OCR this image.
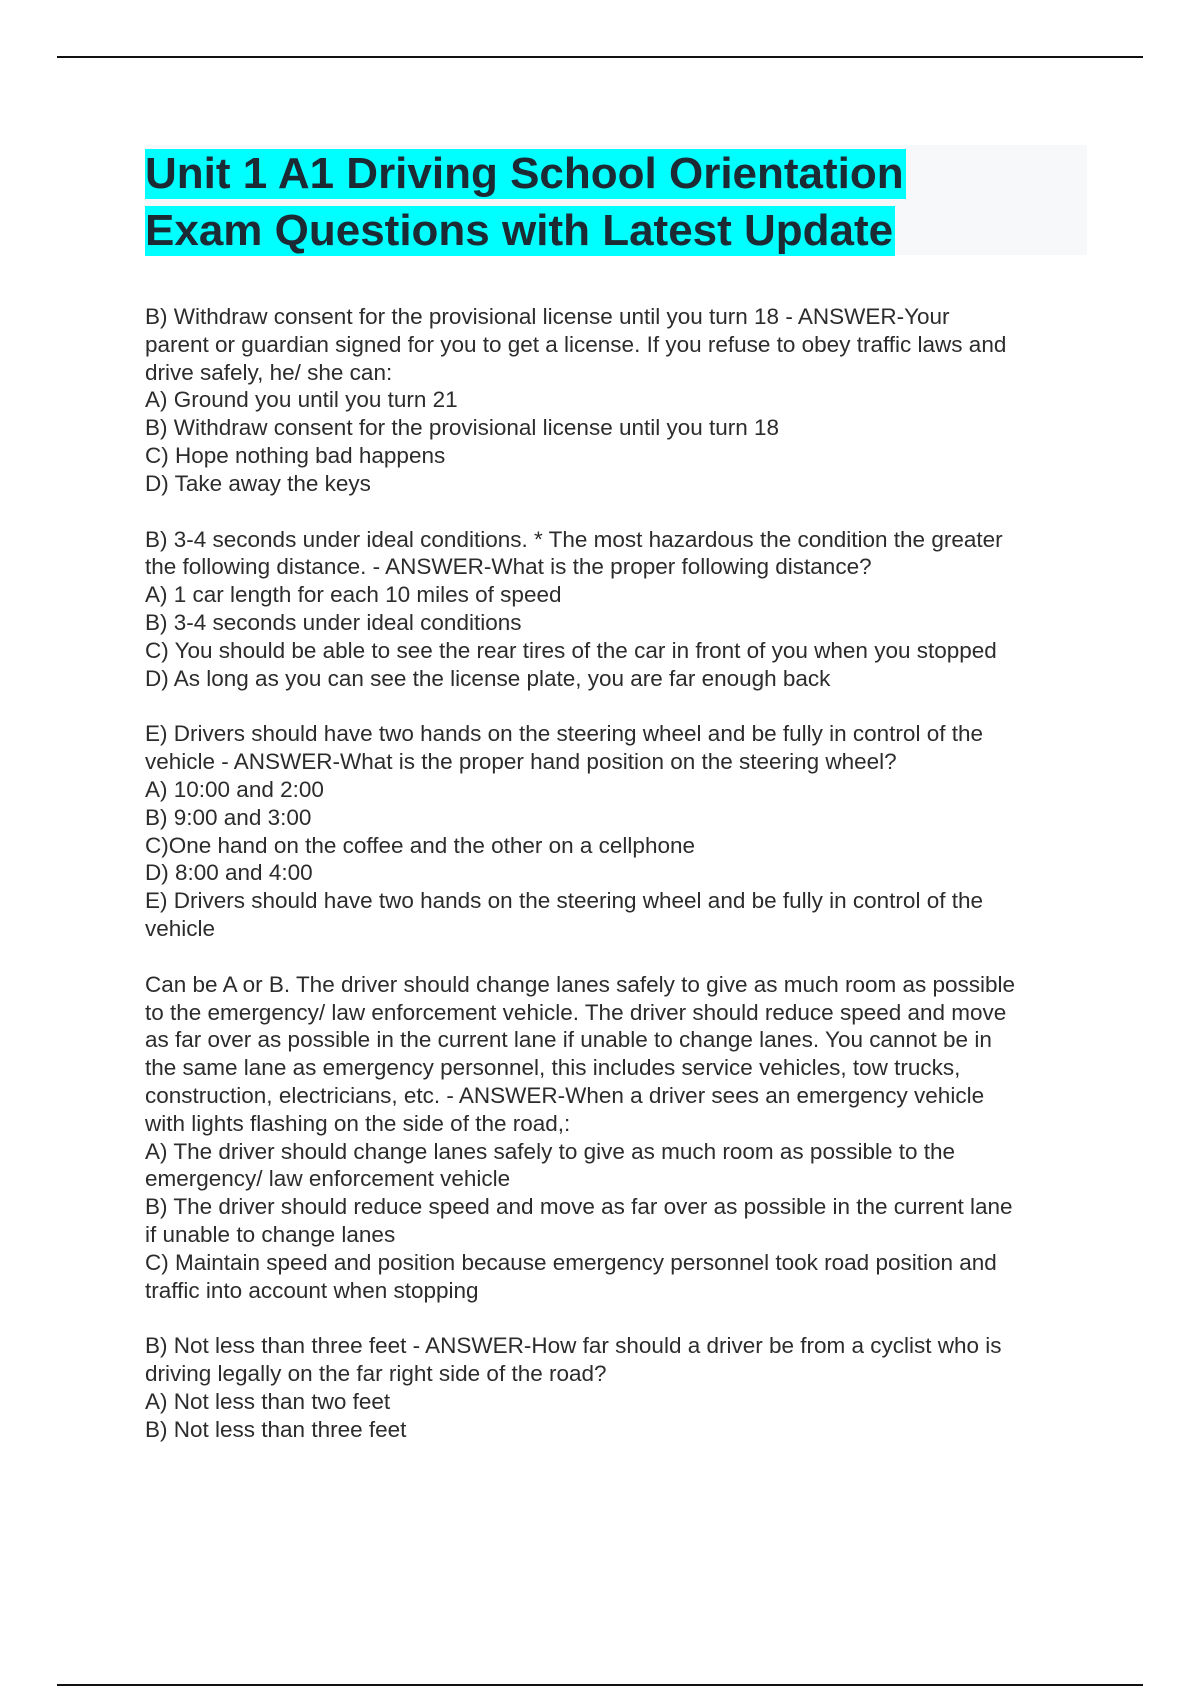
Unit 1 A1 Driving School Orientation
Exam Questions with Latest Update
B) Withdraw consent for the provisional license until you turn 18 - ANSWER-Your
parent or guardian signed for you to get a license. If you refuse to obey traffic laws and
drive safely, he/ she can:
A) Ground you until you turn 21
B) Withdraw consent for the provisional license until you turn 18
C) Hope nothing bad happens
D) Take away the keys
B) 3-4 seconds under ideal conditions. * The most hazardous the condition the greater
the following distance. - ANSWER-What is the proper following distance?
A) 1 car length for each 10 miles of speed
B) 3-4 seconds under ideal conditions
C) You should be able to see the rear tires of the car in front of you when you stopped
D) As long as you can see the license plate, you are far enough back
E) Drivers should have two hands on the steering wheel and be fully in control of the
vehicle - ANSWER-What is the proper hand position on the steering wheel?
A) 10:00 and 2:00
B) 9:00 and 3:00
C)One hand on the coffee and the other on a cellphone
D) 8:00 and 4:00
E) Drivers should have two hands on the steering wheel and be fully in control of the
vehicle
Can be A or B. The driver should change lanes safely to give as much room as possible
to the emergency/ law enforcement vehicle. The driver should reduce speed and move
as far over as possible in the current lane if unable to change lanes. You cannot be in
the same lane as emergency personnel, this includes service vehicles, tow trucks,
construction, electricians, etc. - ANSWER-When a driver sees an emergency vehicle
with lights flashing on the side of the road,:
A) The driver should change lanes safely to give as much room as possible to the
emergency/ law enforcement vehicle
B) The driver should reduce speed and move as far over as possible in the current lane
if unable to change lanes
C) Maintain speed and position because emergency personnel took road position and
traffic into account when stopping
B) Not less than three feet - ANSWER-How far should a driver be from a cyclist who is
driving legally on the far right side of the road?
A) Not less than two feet
B) Not less than three feet
